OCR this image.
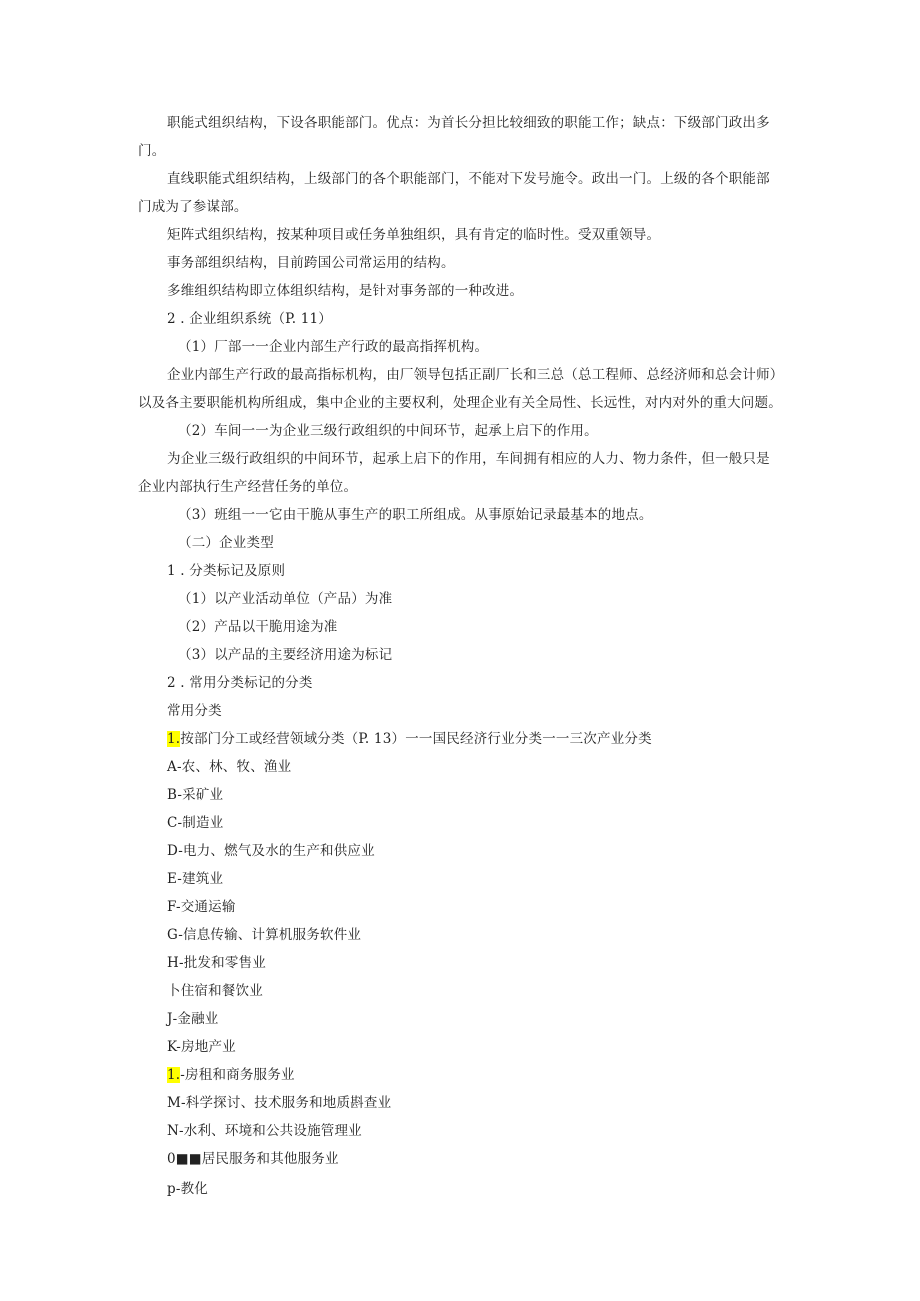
职能式组织结构，下设各职能部门。优点：为首长分担比较细致的职能工作；缺点：下级部门政出多
门。
直线职能式组织结构，上级部门的各个职能部门，不能对下发号施令。政出一门。上级的各个职能部
门成为了参谋部。
矩阵式组织结构，按某种项目或任务单独组织，具有肯定的临时性。受双重领导。
事务部组织结构，目前跨国公司常运用的结构。
多维组织结构即立体组织结构，是针对事务部的一种改进。
2 . 企业组织系统（P. 11）
（1）厂部一一企业内部生产行政的最高指挥机构。
企业内部生产行政的最高指标机构，由厂领导包括正副厂长和三总（总工程师、总经济师和总会计师）
以及各主要职能机构所组成，集中企业的主要权利，处理企业有关全局性、长远性，对内对外的重大问题。
（2）车间一一为企业三级行政组织的中间环节，起承上启下的作用。
为企业三级行政组织的中间环节，起承上启下的作用，车间拥有相应的人力、物力条件，但一般只是
企业内部执行生产经营任务的单位。
（3）班组一一它由干脆从事生产的职工所组成。从事原始记录最基本的地点。
（二）企业类型
1 . 分类标记及原则
（1）以产业活动单位（产品）为准
（2）产品以干脆用途为准
（3）以产品的主要经济用途为标记
2 . 常用分类标记的分类
常用分类
1.按部门分工或经营领域分类（P. 13）一一国民经济行业分类一一三次产业分类
A-农、林、牧、渔业
B-采矿业
C-制造业
D-电力、燃气及水的生产和供应业
E-建筑业
F-交通运输
G-信息传输、计算机服务软件业
H-批发和零售业
卜住宿和餐饮业
J-金融业
K-房地产业
1.-房租和商务服务业
M-科学探讨、技术服务和地质斟查业
N-水利、环境和公共设施管理业
0■■居民服务和其他服务业
p-教化
